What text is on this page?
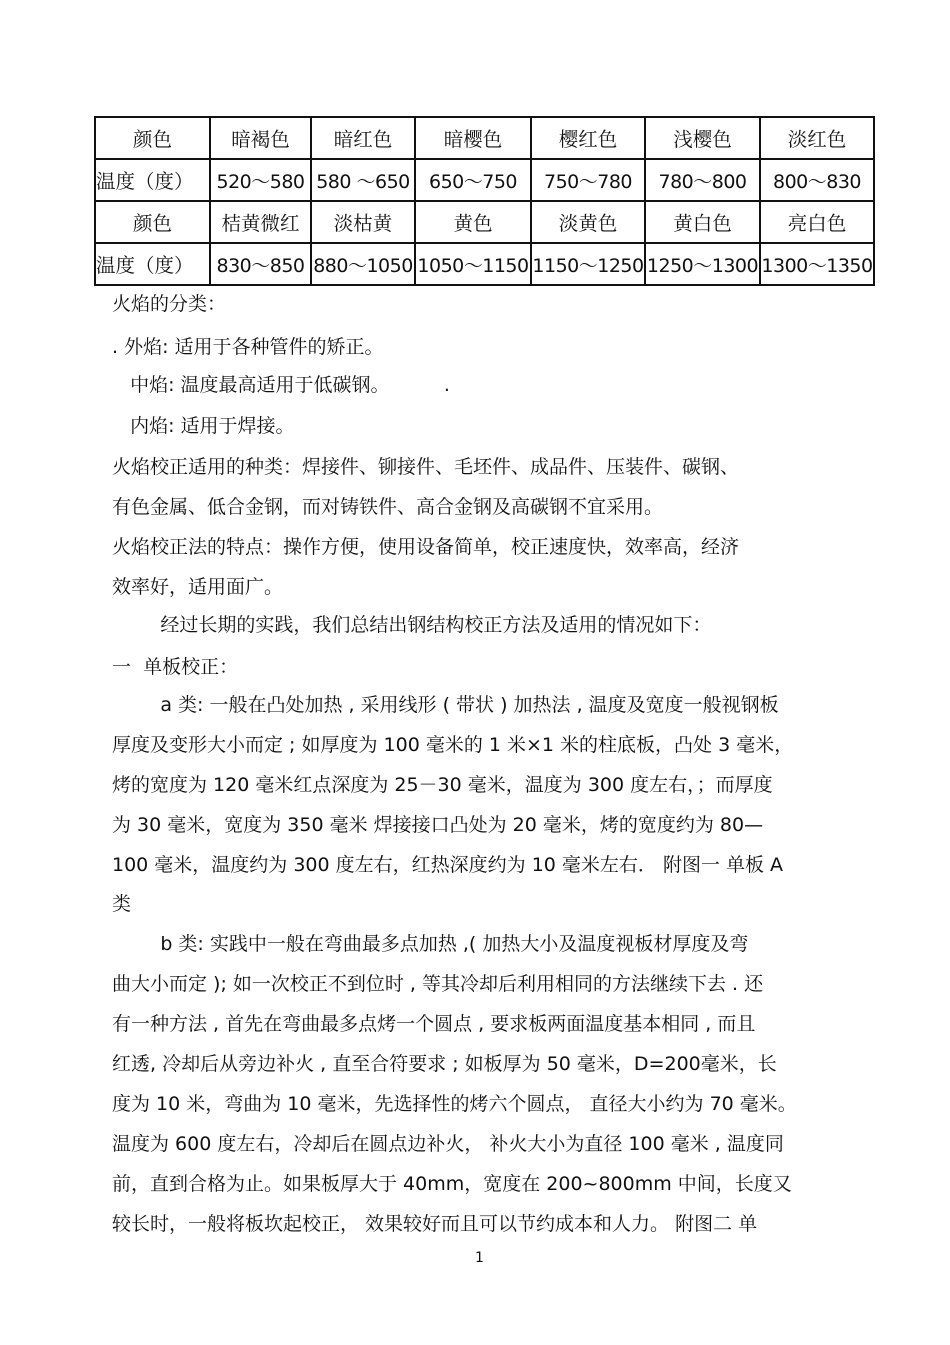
颜色	暗褐色	暗红色	暗樱色	樱红色	浅樱色	淡红色
温度（度）	520～580	580 ～650	650～750	750～780	780～800	800～830
颜色	桔黄微红	淡枯黄	黄色	淡黄色	黄白色	亮白色
温度（度）	830～850	880～1050	1050～1150	1150～1250	1250～1300	1300～1350
火焰的分类：
. 外焰: 适用于各种管件的矫正。
中焰: 温度最高适用于低碳钢。         .
内焰: 适用于焊接。
火焰校正适用的种类：焊接件、铆接件、毛坯件、成品件、压装件、碳钢、
有色金属、低合金钢，而对铸铁件、高合金钢及高碳钢不宜采用。
火焰校正法的特点：操作方便，使用设备简单，校正速度快，效率高，经济
效率好，适用面广。
经过长期的实践，我们总结出钢结构校正方法及适用的情况如下：
一  单板校正：
a 类: 一般在凸处加热 , 采用线形 ( 带状 ) 加热法 , 温度及宽度一般视钢板
厚度及变形大小而定 ; 如厚度为 100 毫米的 1 米×1 米的柱底板，凸处 3 毫米，
烤的宽度为 120 毫米红点深度为 25－30 毫米，温度为 300 度左右，；而厚度
为 30 毫米，宽度为 350 毫米 焊接接口凸处为 20 毫米，烤的宽度约为 80—
100 毫米，温度约为 300 度左右，红热深度约为 10 毫米左右． 附图一 单板 A
类
b 类: 实践中一般在弯曲最多点加热 ,( 加热大小及温度视板材厚度及弯
曲大小而定 ); 如一次校正不到位时 , 等其冷却后利用相同的方法继续下去 . 还
有一种方法 , 首先在弯曲最多点烤一个圆点 , 要求板两面温度基本相同 , 而且
红透, 冷却后从旁边补火 , 直至合符要求 ; 如板厚为 50 毫米，D=200毫米，长
度为 10 米，弯曲为 10 毫米，先选择性的烤六个圆点， 直径大小约为 70 毫米。
温度为 600 度左右，冷却后在圆点边补火， 补火大小为直径 100 毫米 , 温度同
前，直到合格为止。如果板厚大于 40mm，宽度在 200~800mm 中间，长度又
较长时，一般将板坎起校正， 效果较好而且可以节约成本和人力。 附图二 单
1
